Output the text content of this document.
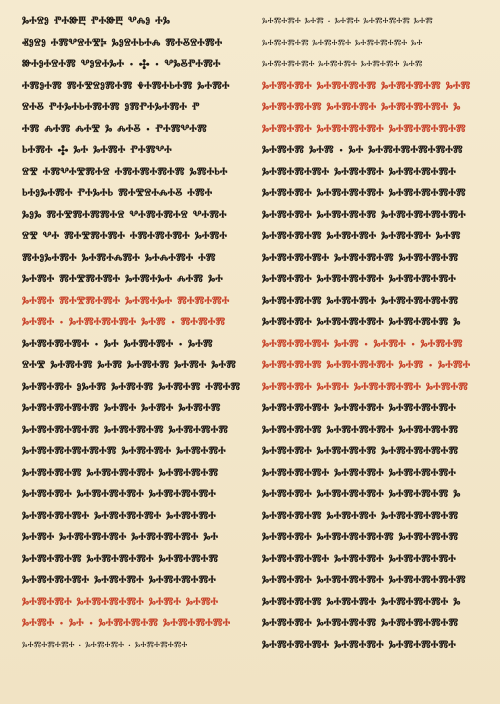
ⰳⰰⱄⱁ ⱂⰰⱆⰱ ⱂⰰⱆⰱ ⰲⰾⱁ ⰰⰳ
ⱏⱁⱄⱁ ⰰⰿⰲⱄⰰⰺⰽ ⰳⱁⱄⰰⱃⰰⰾ ⰿⰰⰻⱄⰰⰿⰰ
ⱆⰰⱁⰰⱄⰰⰿ ⰲⱁⱄⰰⰳⰰ · ✣ · ⰲⰳⰻⱂⰰⰿⰰ
ⰰⰿⱁⰰⰿ ⰿⰰⰺⱄⱁⰿⰰⰿ ⰷⰰⰿⰰⱃⰰⰿ ⰳⰰⰿⰰ
ⱄⰰⰻ ⱂⰰⰳⰰⱃⰰⰿⰰⰿ ⱁⰿⱂⰰⰳⰰⰿⰰ ⱂ
ⰰⰿ ⰾⰰⰿ ⰾⰰⰺ ⰳ ⰾⰰⰻ · ⱂⰰⰿⰲⰰⰿ
ⱃⰰⰿⰰ ✣ ⰳⰰ ⰳⰰⰿⰰ ⱂⰰⰿⰲⰰ
ⱄⰺ ⰰⰿⰲⰰⰺⰿⰰⱄ ⰰⰿⰰⰿⰰⰿⰰⰿ ⰳⰿⰰⱃⰰ
ⱃⰰⱁⰳⰰⰿⰰ ⱂⰰⰳⰰⱃ ⰿⰰⰺⱄⰰⰾⰰⰻ ⰰⰿⰰ
ⰳⱁⰳ ⰿⰰⰺⰿⰰⰿⰿⰰⱄ ⰲⰰⰿⰰⰿⰰⱄ ⰲⰰⰿⰰ
ⱄⰺ ⰲⰰ ⰿⰰⰺⰿⰰⰿⰰ ⰰⰿⰰⰿⰰⰿⰰ ⰳⰰⰿⰰ
ⰿⰰⱁⰳⰰⰿⰰ ⰳⰰⰿⰰⰾⰿⰰ ⰳⰰⰾⰰⰿⰰ ⰰⰿ
ⰳⰰⰿⰰ ⰿⰰⰺⰿⰰⰿⰰ ⰳⰰⰿⰰⰳⰰ ⰾⰰⰿ ⰳⰰ
ⰳⰰⰿⰰ ⰿⰰⰺⰿⰰⰿⰰ ⰳⰰⰿⰰⰳⰰ ⰿⰰⰿⰰⰿⰰ
ⰳⰰⰿⰰ · ⰳⰰⰿⰰⰿⰰⰿⰰ ⰳⰰⰿ · ⰿⰰⰿⰰⰿ
ⰳⰰⰿⰰⰿⰰⰿⰰ · ⰳⰰ ⰳⰰⰿⰰⰿⰰ · ⰳⰰⰿ
ⱄⰰⰺ ⰳⰰⰿⰰⰿ ⰳⰰⰿ ⰳⰰⰿⰰⰿ ⰳⰰⰿⰰ ⰳⰰⰿ
ⰳⰰⰿⰰⰿⰰ ⱁⰳⰰⰿ ⰳⰰⰿⰰⰿ ⰳⰰⰿⰰⰿ ⰰⰿⰰⰿ
ⰳⰰⰿⰰⰿⰰⰿⰰⰿ ⰳⰰⰿⰰ ⰳⰰⰿⰰ ⰳⰰⰿⰰⰿ
ⰳⰰⰿⰰⰿⰰⰿⰰⰿ ⰳⰰⰿⰰⰿⰰⰿ ⰳⰰⰿⰰⰿⰰⰿ
ⰳⰰⰿⰰⰿⰰⰿⰰⰿⰰⰿ ⰳⰰⰿⰰⰿⰰ ⰳⰰⰿⰰⰿⰰ
ⰳⰰⰿⰰⰿⰰⰿ ⰳⰰⰿⰰⰿⰰⰿⰰ ⰳⰰⰿⰰⰿⰰⰿ
ⰳⰰⰿⰰⰿⰰ ⰳⰰⰿⰰⰿⰰⰿⰰ ⰳⰰⰿⰰⰿⰰⰿⰰ
ⰳⰰⰿⰰⰿⰰⰿⰰ ⰳⰰⰿⰰⰿⰰⰿⰰ ⰳⰰⰿⰰⰿⰰ
ⰳⰰⰿⰰ ⰳⰰⰿⰰⰿⰰⰿⰰ ⰳⰰⰿⰰⰿⰰⰿⰰ ⰳⰰ
ⰳⰰⰿⰰⰿⰰⰿ ⰳⰰⰿⰰⰿⰰⰿⰰ ⰳⰰⰿⰰⰿⰰⰿ
ⰳⰰⰿⰰⰿⰰⰿⰰ ⰳⰰⰿⰰⰿⰰ ⰳⰰⰿⰰⰿⰰⰿⰰ
ⰳⰰⰿⰰⰿⰰ ⰳⰰⰿⰰⰿⰰⰿⰰ ⰳⰰⰿⰰ ⰳⰰⰿⰰ
ⰳⰰⰿⰰ · ⰳⰰ · ⰳⰰⰿⰰⰿⰰⰿ ⰳⰰⰿⰰⰿⰰⰿⰰ
ⰳⰰⰿⰰⰿⰰⰿⰰ · ⰳⰰⰿⰰⰿⰰ · ⰳⰰⰿⰰⰿⰰⰿⰰ
ⰳⰰⰿⰰⰿⰰ ⰳⰰⰿ · ⰳⰰⰿⰰ ⰳⰰⰿⰰⰿⰰⰿ ⰳⰰⰿ
ⰳⰰⰿⰰⰿⰰⰿ ⰳⰰⰿⰰⰿⰰ ⰳⰰⰿⰰⰿⰰⰿⰰ ⰳⰰ
ⰳⰰⰿⰰⰿⰰⰿⰰ ⰳⰰⰿⰰⰿⰰ ⰳⰰⰿⰰⰿⰰ ⰳⰰⰿ
ⰳⰰⰿⰰⰿⰰ ⰳⰰⰿⰰⰿⰰⰿ ⰳⰰⰿⰰⰿⰰⰿ ⰳⰰⰿ
ⰳⰰⰿⰰⰿⰰⰿ ⰳⰰⰿⰰⰿⰰ ⰳⰰⰿⰰⰿⰰⰿⰰ ⰳ
ⰳⰰⰿⰰⰿⰰ ⰳⰰⰿⰰⰿⰰⰿⰰ ⰳⰰⰿⰰⰿⰰⰿⰰⰿ
ⰳⰰⰿⰰⰿ ⰳⰰⰿ · ⰳⰰ ⰳⰰⰿⰰⰿⰰⰿⰰⰿⰰⰿ
ⰳⰰⰿⰰⰿⰰⰿⰰ ⰳⰰⰿⰰⰿⰰ ⰳⰰⰿⰰⰿⰰⰿⰰ
ⰳⰰⰿⰰⰿⰰ ⰳⰰⰿⰰⰿⰰⰿⰰ ⰳⰰⰿⰰⰿⰰⰿⰰⰿ
ⰳⰰⰿⰰⰿⰰ ⰳⰰⰿⰰⰿⰰⰿ ⰳⰰⰿⰰⰿⰰⰿⰰⰿⰰ
ⰳⰰⰿⰰⰿⰰⰿ ⰳⰰⰿⰰⰿⰰ ⰳⰰⰿⰰⰿⰰ ⰳⰰⰿ
ⰳⰰⰿⰰⰿⰰⰿⰰ ⰳⰰⰿⰰⰿⰰⰿ ⰳⰰⰿⰰⰿⰰⰿ
ⰳⰰⰿⰰⰿⰰ ⰳⰰⰿⰰⰿⰰⰿⰰ ⰳⰰⰿⰰⰿⰰⰿⰰ
ⰳⰰⰿⰰⰿⰰⰿ ⰳⰰⰿⰰⰿⰰ ⰳⰰⰿⰰⰿⰰⰿⰰⰿ
ⰳⰰⰿⰰⰿⰰ ⰳⰰⰿⰰⰿⰰⰿⰰ ⰳⰰⰿⰰⰿⰰⰿ ⰳ
ⰳⰰⰿⰰⰿⰰⰿⰰ ⰳⰰⰿ · ⰳⰰⰿⰰ · ⰳⰰⰿⰰⰿ
ⰳⰰⰿⰰⰿⰰⰿ ⰳⰰⰿⰰⰿⰰⰿⰰ ⰳⰰⰿ · ⰳⰰⰿⰰ
ⰳⰰⰿⰰⰿⰰ ⰳⰰⰿⰰ ⰳⰰⰿⰰⰿⰰⰿⰰ ⰳⰰⰿⰰⰿ
ⰳⰰⰿⰰⰿⰰⰿⰰ ⰳⰰⰿⰰⰿⰰ ⰳⰰⰿⰰⰿⰰⰿⰰ
ⰳⰰⰿⰰⰿⰰⰿ ⰳⰰⰿⰰⰿⰰⰿⰰ ⰳⰰⰿⰰⰿⰰⰿ
ⰳⰰⰿⰰⰿⰰ ⰳⰰⰿⰰⰿⰰⰿ ⰳⰰⰿⰰⰿⰰⰿⰰⰿ
ⰳⰰⰿⰰⰿⰰⰿⰰ ⰳⰰⰿⰰⰿⰰ ⰳⰰⰿⰰⰿⰰⰿⰰ
ⰳⰰⰿⰰⰿⰰ ⰳⰰⰿⰰⰿⰰⰿⰰ ⰳⰰⰿⰰⰿⰰⰿ ⰳ
ⰳⰰⰿⰰⰿⰰⰿ ⰳⰰⰿⰰⰿⰰ ⰳⰰⰿⰰⰿⰰⰿⰰⰿ
ⰳⰰⰿⰰⰿⰰ ⰳⰰⰿⰰⰿⰰⰿⰰⰿ ⰳⰰⰿⰰⰿⰰⰿ
ⰳⰰⰿⰰⰿⰰⰿⰰ ⰳⰰⰿⰰⰿⰰ ⰳⰰⰿⰰⰿⰰⰿⰰ
ⰳⰰⰿⰰⰿⰰ ⰳⰰⰿⰰⰿⰰⰿⰰ ⰳⰰⰿⰰⰿⰰⰿⰰⰿ
ⰳⰰⰿⰰⰿⰰⰿ ⰳⰰⰿⰰⰿⰰ ⰳⰰⰿⰰⰿⰰⰿⰰ ⰳ
ⰳⰰⰿⰰⰿⰰ ⰳⰰⰿⰰⰿⰰⰿ ⰳⰰⰿⰰⰿⰰⰿⰰⰿ
ⰳⰰⰿⰰⰿⰰⰿⰰ ⰳⰰⰿⰰⰿⰰ ⰳⰰⰿⰰⰿⰰⰿⰰ
